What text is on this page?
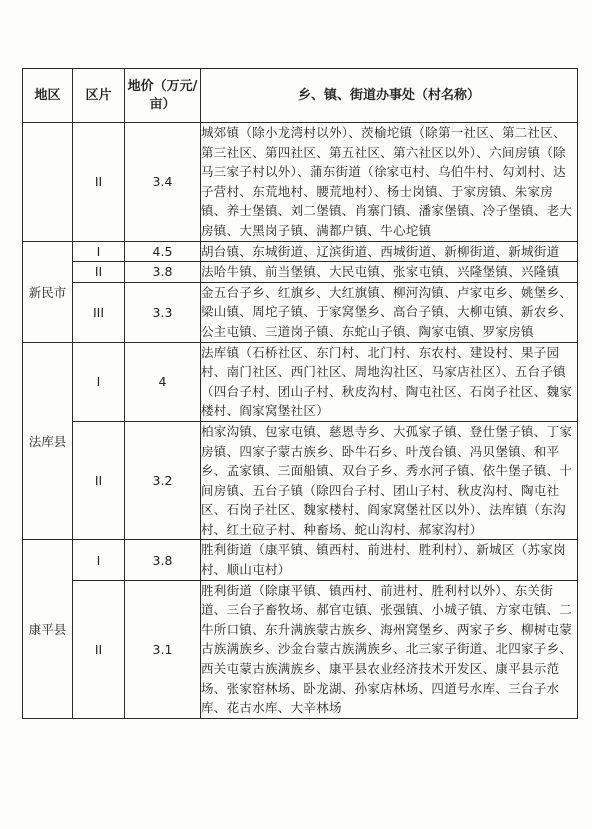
地区	区片	地价（万元/亩）	乡、镇、街道办事处（村名称）
	II	3.4	城郊镇（除小龙湾村以外）、茨榆坨镇（除第一社区、第二社区、第三社区、第四社区、第五社区、第六社区以外）、六间房镇（除马三家子村以外）、蒲东街道（徐家屯村、乌伯牛村、勾刘村、达子营村、东荒地村、腰荒地村）、杨士岗镇、于家房镇、朱家房镇、养士堡镇、刘二堡镇、肖寨门镇、潘家堡镇、冷子堡镇、老大房镇、大黑岗子镇、满都户镇、牛心坨镇
新民市	I	4.5	胡台镇、东城街道、辽滨街道、西城街道、新柳街道、新城街道
	II	3.8	法哈牛镇、前当堡镇、大民屯镇、张家屯镇、兴隆堡镇、兴隆镇
	III	3.3	金五台子乡、红旗乡、大红旗镇、柳河沟镇、卢家屯乡、姚堡乡、梁山镇、周坨子镇、于家窝堡乡、高台子镇、大柳屯镇、新农乡、公主屯镇、三道岗子镇、东蛇山子镇、陶家屯镇、罗家房镇
法库县	I	4	法库镇（石桥社区、东门村、北门村、东农村、建设村、果子园村、南门社区、西门社区、周地沟社区、马家店社区）、五台子镇（四台子村、团山子村、秋皮沟村、陶屯社区、石岗子社区、魏家楼村、阎家窝堡社区）
	II	3.2	柏家沟镇、包家屯镇、慈恩寺乡、大孤家子镇、登仕堡子镇、丁家房镇、四家子蒙古族乡、卧牛石乡、叶茂台镇、冯贝堡镇、和平乡、孟家镇、三面船镇、双台子乡、秀水河子镇、依牛堡子镇、十间房镇、五台子镇（除四台子村、团山子村、秋皮沟村、陶屯社区、石岗子社区、魏家楼村、阎家窝堡社区以外）、法库镇（东沟村、红土砬子村、种畜场、蛇山沟村、郝家沟村）
康平县	I	3.8	胜利街道（康平镇、镇西村、前进村、胜利村）、新城区（苏家岗村、顺山屯村）
	II	3.1	胜利街道（除康平镇、镇西村、前进村、胜利村以外）、东关街道、三台子畜牧场、郝官屯镇、张强镇、小城子镇、方家屯镇、二牛所口镇、东升满族蒙古族乡、海州窝堡乡、两家子乡、柳树屯蒙古族满族乡、沙金台蒙古族满族乡、北三家子街道、北四家子乡、西关屯蒙古族满族乡、康平县农业经济技术开发区、康平县示范场、张家窑林场、卧龙湖、孙家店林场、四道号水库、三台子水库、花古水库、大辛林场
